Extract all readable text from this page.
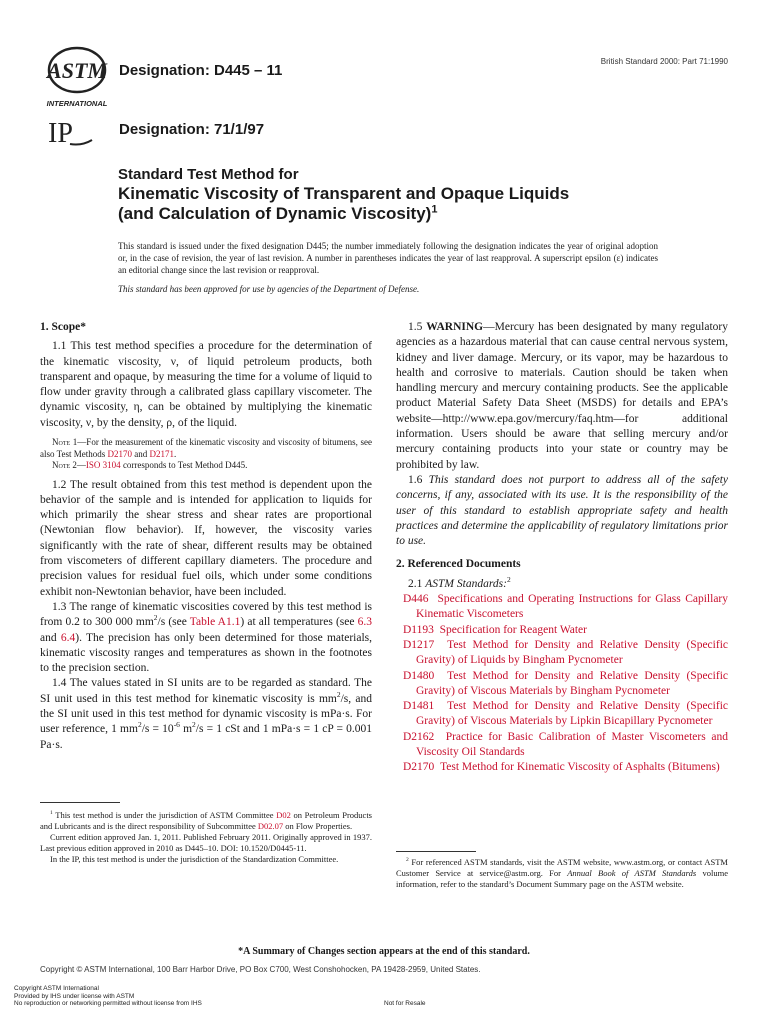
ASTM
INTERNATIONAL
Designation: D445 – 11
British Standard 2000: Part 71:1990
IP	Designation: 71/1/97
Standard Test Method for
Kinematic Viscosity of Transparent and Opaque Liquids
(and Calculation of Dynamic Viscosity)$^1$
This standard is issued under the fixed designation D445; the number immediately following the designation indicates the year of original adoption or, in the case of revision, the year of last revision. A number in parentheses indicates the year of last reapproval. A superscript epsilon (ε) indicates an editorial change since the last revision or reapproval.
This standard has been approved for use by agencies of the Department of Defense.

1. Scope*

1.1 This test method specifies a procedure for the determination of the kinematic viscosity, ν, of liquid petroleum products, both transparent and opaque, by measuring the time for a volume of liquid to flow under gravity through a calibrated glass capillary viscometer. The dynamic viscosity, η, can be obtained by multiplying the kinematic viscosity, ν, by the density, ρ, of the liquid.

Note 1—For the measurement of the kinematic viscosity and viscosity of bitumens, see also Test Methods D2170 and D2171.

Note 2—ISO 3104 corresponds to Test Method D445.

1.2 The result obtained from this test method is dependent upon the behavior of the sample and is intended for application to liquids for which primarily the shear stress and shear rates are proportional (Newtonian flow behavior). If, however, the viscosity varies significantly with the rate of shear, different results may be obtained from viscometers of different capillary diameters. The procedure and precision values for residual fuel oils, which under some conditions exhibit non-Newtonian behavior, have been included.

1.3 The range of kinematic viscosities covered by this test method is from 0.2 to 300 000 $mm^2/s$ (see Table A1.1) at all temperatures (see 6.3 and 6.4). The precision has only been determined for those materials, kinematic viscosity ranges and temperatures as shown in the footnotes to the precision section.

1.4 The values stated in SI units are to be regarded as standard. The SI unit used in this test method for kinematic viscosity is $mm^2/s$, and the SI unit used in this test method for dynamic viscosity is mPa·s. For user reference, 1 $mm^2/s = 10^{-6}$ $m^2/s = 1$ cSt and 1 mPa·s = 1 cP = 0.001 Pa·s.

$^1$ This test method is under the jurisdiction of ASTM Committee D02 on Petroleum Products and Lubricants and is the direct responsibility of Subcommittee D02.07 on Flow Properties.

Current edition approved Jan. 1, 2011. Published February 2011. Originally approved in 1937. Last previous edition approved in 2010 as D445–10. DOI: 10.1520/D0445-11.

In the IP, this test method is under the jurisdiction of the Standardization Committee.

1.5 WARNING—Mercury has been designated by many regulatory agencies as a hazardous material that can cause central nervous system, kidney and liver damage. Mercury, or its vapor, may be hazardous to health and corrosive to materials. Caution should be taken when handling mercury and mercury containing products. See the applicable product Material Safety Data Sheet (MSDS) for details and EPA’s website—http://www.epa.gov/mercury/faq.htm—for additional information. Users should be aware that selling mercury and/or mercury containing products into your state or country may be prohibited by law.

1.6 This standard does not purport to address all of the safety concerns, if any, associated with its use. It is the responsibility of the user of this standard to establish appropriate safety and health practices and determine the applicability of regulatory limitations prior to use.

2. Referenced Documents

2.1 ASTM Standards:$^2$

D446 Specifications and Operating Instructions for Glass Capillary Kinematic Viscometers

D1193 Specification for Reagent Water

D1217 Test Method for Density and Relative Density (Specific Gravity) of Liquids by Bingham Pycnometer

D1480 Test Method for Density and Relative Density (Specific Gravity) of Viscous Materials by Bingham Pycnometer

D1481 Test Method for Density and Relative Density (Specific Gravity) of Viscous Materials by Lipkin Bicapillary Pycnometer

D2162 Practice for Basic Calibration of Master Viscometers and Viscosity Oil Standards

D2170 Test Method for Kinematic Viscosity of Asphalts (Bitumens)

$^2$ For referenced ASTM standards, visit the ASTM website, www.astm.org, or contact ASTM Customer Service at service@astm.org. For Annual Book of ASTM Standards volume information, refer to the standard’s Document Summary page on the ASTM website.

*A Summary of Changes section appears at the end of this standard.
Copyright © ASTM International, 100 Barr Harbor Drive, PO Box C700, West Conshohocken, PA 19428-2959, United States.
Copyright ASTM International
Provided by IHS under license with ASTM
No reproduction or networking permitted without license from IHS	Not for Resale
